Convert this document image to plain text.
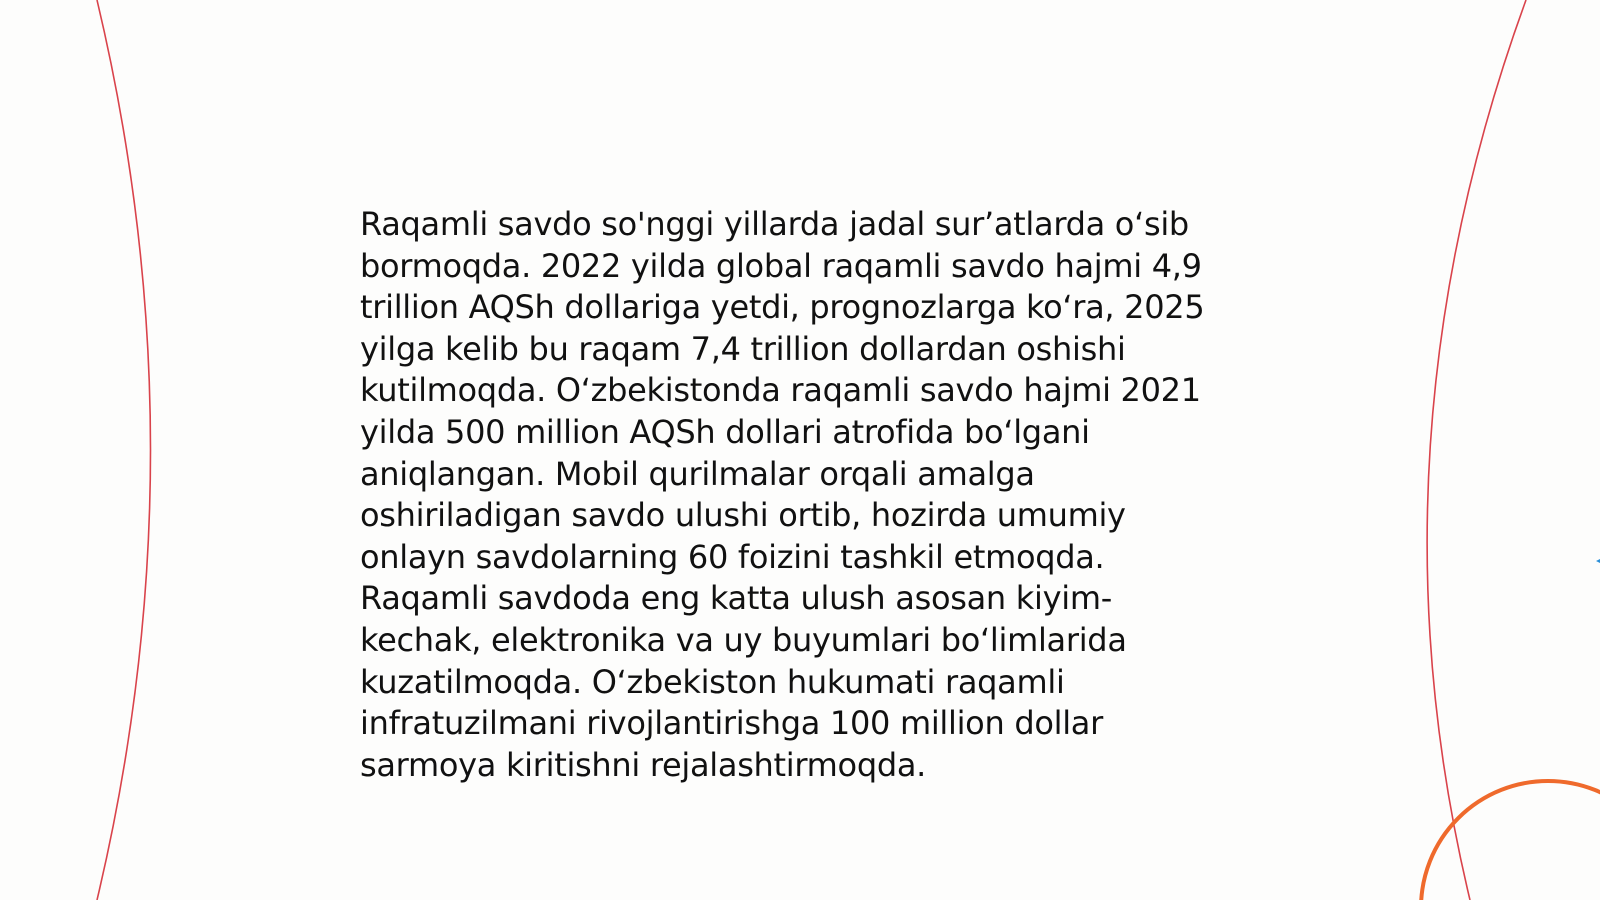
Raqamli savdo so'nggi yillarda jadal sur’atlarda oʻsib
bormoqda. 2022 yilda global raqamli savdo hajmi 4,9
trillion AQSh dollariga yetdi, prognozlarga koʻra, 2025
yilga kelib bu raqam 7,4 trillion dollardan oshishi
kutilmoqda. Oʻzbekistonda raqamli savdo hajmi 2021
yilda 500 million AQSh dollari atrofida boʻlgani
aniqlangan. Mobil qurilmalar orqali amalga
oshiriladigan savdo ulushi ortib, hozirda umumiy
onlayn savdolarning 60 foizini tashkil etmoqda.
Raqamli savdoda eng katta ulush asosan kiyim-
kechak, elektronika va uy buyumlari boʻlimlarida
kuzatilmoqda. Oʻzbekiston hukumati raqamli
infratuzilmani rivojlantirishga 100 million dollar
sarmoya kiritishni rejalashtirmoqda.
